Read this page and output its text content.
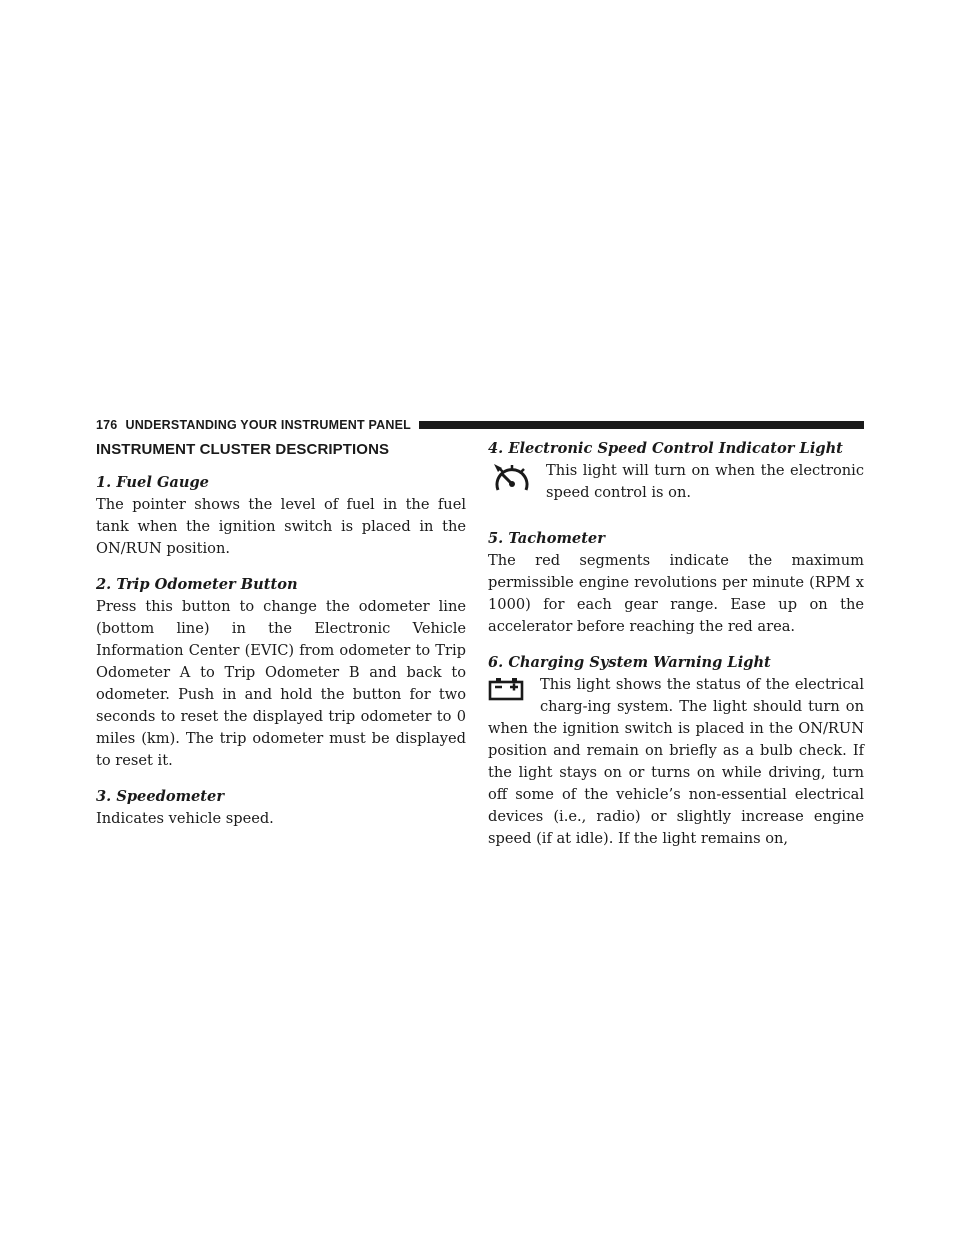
176 UNDERSTANDING YOUR INSTRUMENT PANEL
INSTRUMENT CLUSTER DESCRIPTIONS
1. Fuel Gauge
The pointer shows the level of fuel in the fuel tank when the ignition switch is placed in the ON/RUN position.
2. Trip Odometer Button
Press this button to change the odometer line (bottom line) in the Electronic Vehicle Information Center (EVIC) from odometer to Trip Odometer A to Trip Odometer B and back to odometer. Push in and hold the button for two seconds to reset the displayed trip odometer to 0 miles (km). The trip odometer must be displayed to reset it.
3. Speedometer
Indicates vehicle speed.
4. Electronic Speed Control Indicator Light
This light will turn on when the electronic speed control is on.
5. Tachometer
The red segments indicate the maximum permissible engine revolutions per minute (RPM x 1000) for each gear range. Ease up on the accelerator before reaching the red area.
6. Charging System Warning Light
This light shows the status of the electrical charg-ing system. The light should turn on when the ignition switch is placed in the ON/RUN position and remain on briefly as a bulb check. If the light stays on or turns on while driving, turn off some of the vehicle’s non-essential electrical devices (i.e., radio) or slightly increase engine speed (if at idle). If the light remains on,
